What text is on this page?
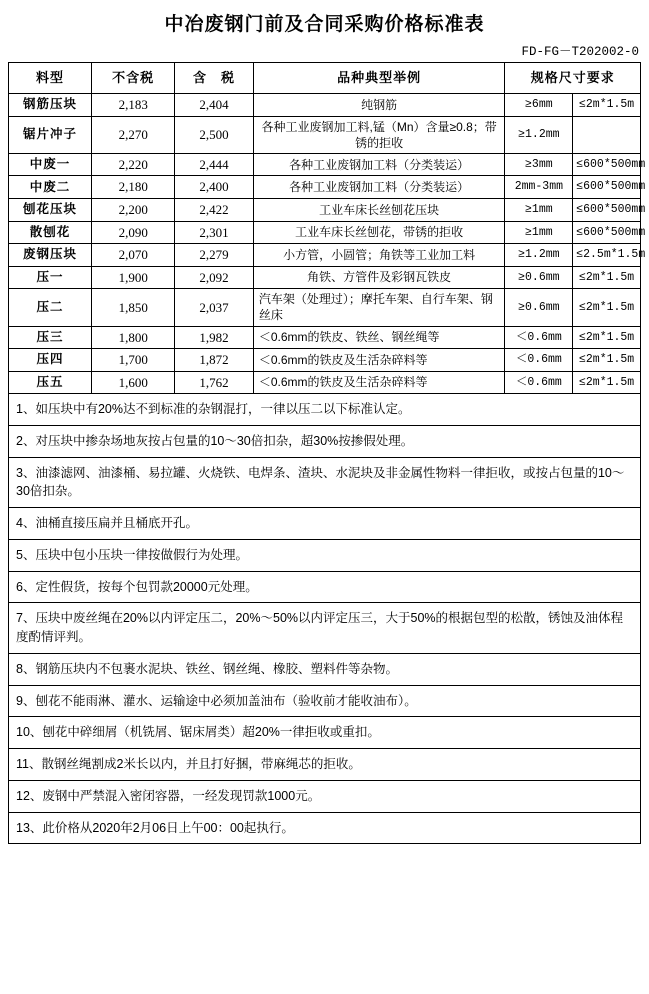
中冶废钢门前及合同采购价格标准表
FD-FG－T202002-0
料型	不含税	含　税	品种典型举例	规格尺寸要求	
钢筋压块	2,183	2,404	纯钢筋	≥6mm	≤2m*1.5m
锯片冲子	2,270	2,500	各种工业废钢加工料,锰（Mn）含量≥0.8；带锈的拒收	≥1.2mm	
中废一	2,220	2,444	各种工业废钢加工料（分类装运）	≥3mm	≤600*500mm
中废二	2,180	2,400	各种工业废钢加工料（分类装运）	2mm-3mm	≤600*500mm
刨花压块	2,200	2,422	工业车床长丝刨花压块	≥1mm	≤600*500mm
散刨花	2,090	2,301	工业车床长丝刨花，带锈的拒收	≥1mm	≤600*500mm
废钢压块	2,070	2,279	小方管，小圆管；角铁等工业加工料	≥1.2mm	≤2.5m*1.5m
压一	1,900	2,092	角铁、方管件及彩钢瓦铁皮	≥0.6mm	≤2m*1.5m
压二	1,850	2,037	汽车架（处理过）；摩托车架、自行车架、钢丝床	≥0.6mm	≤2m*1.5m
压三	1,800	1,982	＜0.6mm的铁皮、铁丝、钢丝绳等	＜0.6mm	≤2m*1.5m
压四	1,700	1,872	＜0.6mm的铁皮及生活杂碎料等	＜0.6mm	≤2m*1.5m
压五	1,600	1,762	＜0.6mm的铁皮及生活杂碎料等	＜0.6mm	≤2m*1.5m
1、如压块中有20%达不到标准的杂钢混打，一律以压二以下标准认定。
2、对压块中掺杂场地灰按占包量的10～30倍扣杂，超30%按掺假处理。
3、油漆滤网、油漆桶、易拉罐、火烧铁、电焊条、渣块、水泥块及非金属性物料一律拒收，或按占包量的10～30倍扣杂。
4、油桶直接压扁并且桶底开孔。
5、压块中包小压块一律按做假行为处理。
6、定性假货，按每个包罚款20000元处理。
7、压块中废丝绳在20%以内评定压二，20%～50%以内评定压三，大于50%的根据包型的松散，锈蚀及油体程度酌情评判。
8、钢筋压块内不包裹水泥块、铁丝、钢丝绳、橡胶、塑料件等杂物。
9、刨花不能雨淋、灌水、运输途中必须加盖油布（验收前才能收油布）。
10、刨花中碎细屑（机铣屑、锯床屑类）超20%一律拒收或重扣。
11、散钢丝绳割成2米长以内，并且打好捆，带麻绳芯的拒收。
12、废钢中严禁混入密闭容器，一经发现罚款1000元。
13、此价格从2020年2月06日上午00：00起执行。
